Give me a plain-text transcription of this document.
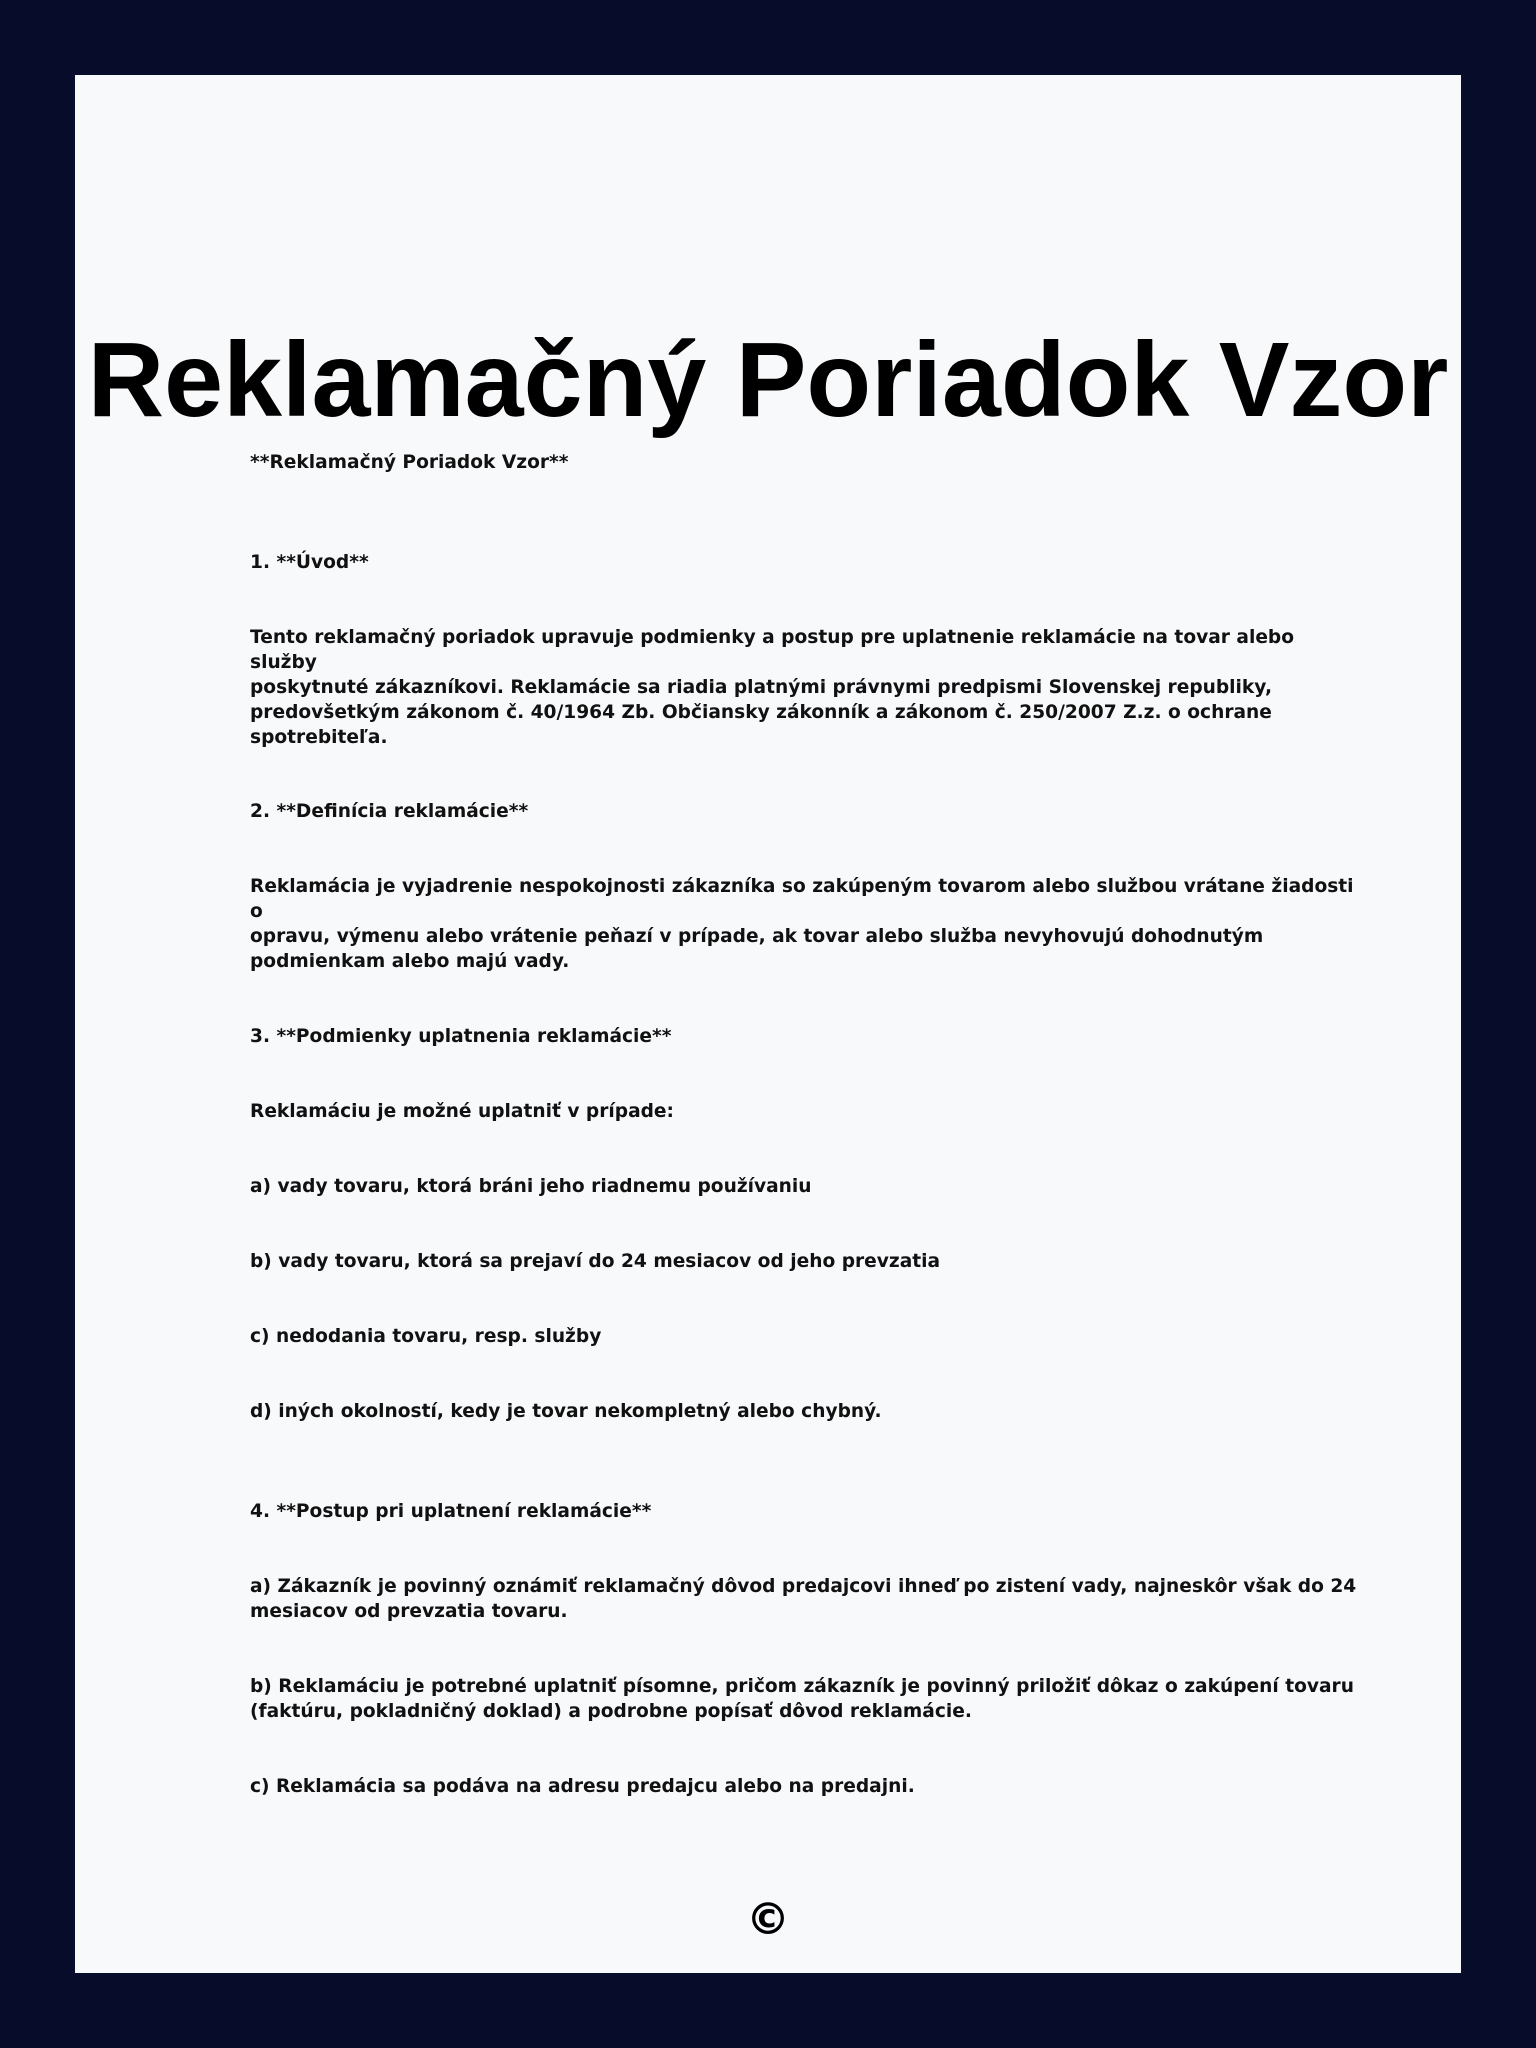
Reklamačný Poriadok Vzor

**Reklamačný Poriadok Vzor**

1. **Úvod**

Tento reklamačný poriadok upravuje podmienky a postup pre uplatnenie reklamácie na tovar alebo služby
poskytnuté zákazníkovi. Reklamácie sa riadia platnými právnymi predpismi Slovenskej republiky,
predovšetkým zákonom č. 40/1964 Zb. Občiansky zákonník a zákonom č. 250/2007 Z.z. o ochrane
spotrebiteľa.

2. **Definícia reklamácie**

Reklamácia je vyjadrenie nespokojnosti zákazníka so zakúpeným tovarom alebo službou vrátane žiadosti o
opravu, výmenu alebo vrátenie peňazí v prípade, ak tovar alebo služba nevyhovujú dohodnutým
podmienkam alebo majú vady.

3. **Podmienky uplatnenia reklamácie**

Reklamáciu je možné uplatniť v prípade:

a) vady tovaru, ktorá bráni jeho riadnemu používaniu

b) vady tovaru, ktorá sa prejaví do 24 mesiacov od jeho prevzatia

c) nedodania tovaru, resp. služby

d) iných okolností, kedy je tovar nekompletný alebo chybný.

4. **Postup pri uplatnení reklamácie**

a) Zákazník je povinný oznámiť reklamačný dôvod predajcovi ihneď po zistení vady, najneskôr však do 24
mesiacov od prevzatia tovaru.

b) Reklamáciu je potrebné uplatniť písomne, pričom zákazník je povinný priložiť dôkaz o zakúpení tovaru
(faktúru, pokladničný doklad) a podrobne popísať dôvod reklamácie.

c) Reklamácia sa podáva na adresu predajcu alebo na predajni.

©
